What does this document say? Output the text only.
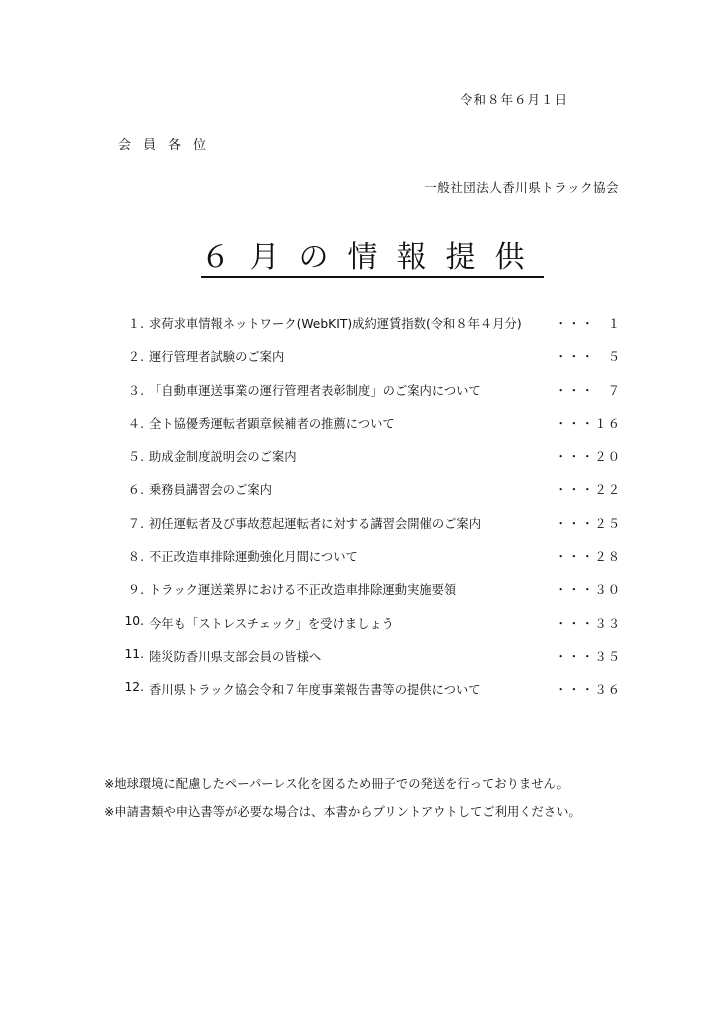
令和８年６月１日
会員各位
一般社団法人香川県トラック協会
６月の情報提供
１. 求荷求車情報ネットワーク(WebKIT)成約運賃指数(令和８年４月分)	・・・　１
２. 運行管理者試験のご案内	・・・　５
３. 「自動車運送事業の運行管理者表彰制度」のご案内について	・・・　７
４. 全ト協優秀運転者顕章候補者の推薦について	・・・１６
５. 助成金制度説明会のご案内	・・・２０
６. 乗務員講習会のご案内	・・・２２
７. 初任運転者及び事故惹起運転者に対する講習会開催のご案内	・・・２５
８. 不正改造車排除運動強化月間について	・・・２８
９. トラック運送業界における不正改造車排除運動実施要領	・・・３０
10. 今年も「ストレスチェック」を受けましょう	・・・３３
11. 陸災防香川県支部会員の皆様へ	・・・３５
12. 香川県トラック協会令和７年度事業報告書等の提供について	・・・３６
※地球環境に配慮したペーパーレス化を図るため冊子での発送を行っておりません。
※申請書類や申込書等が必要な場合は、本書からプリントアウトしてご利用ください。
